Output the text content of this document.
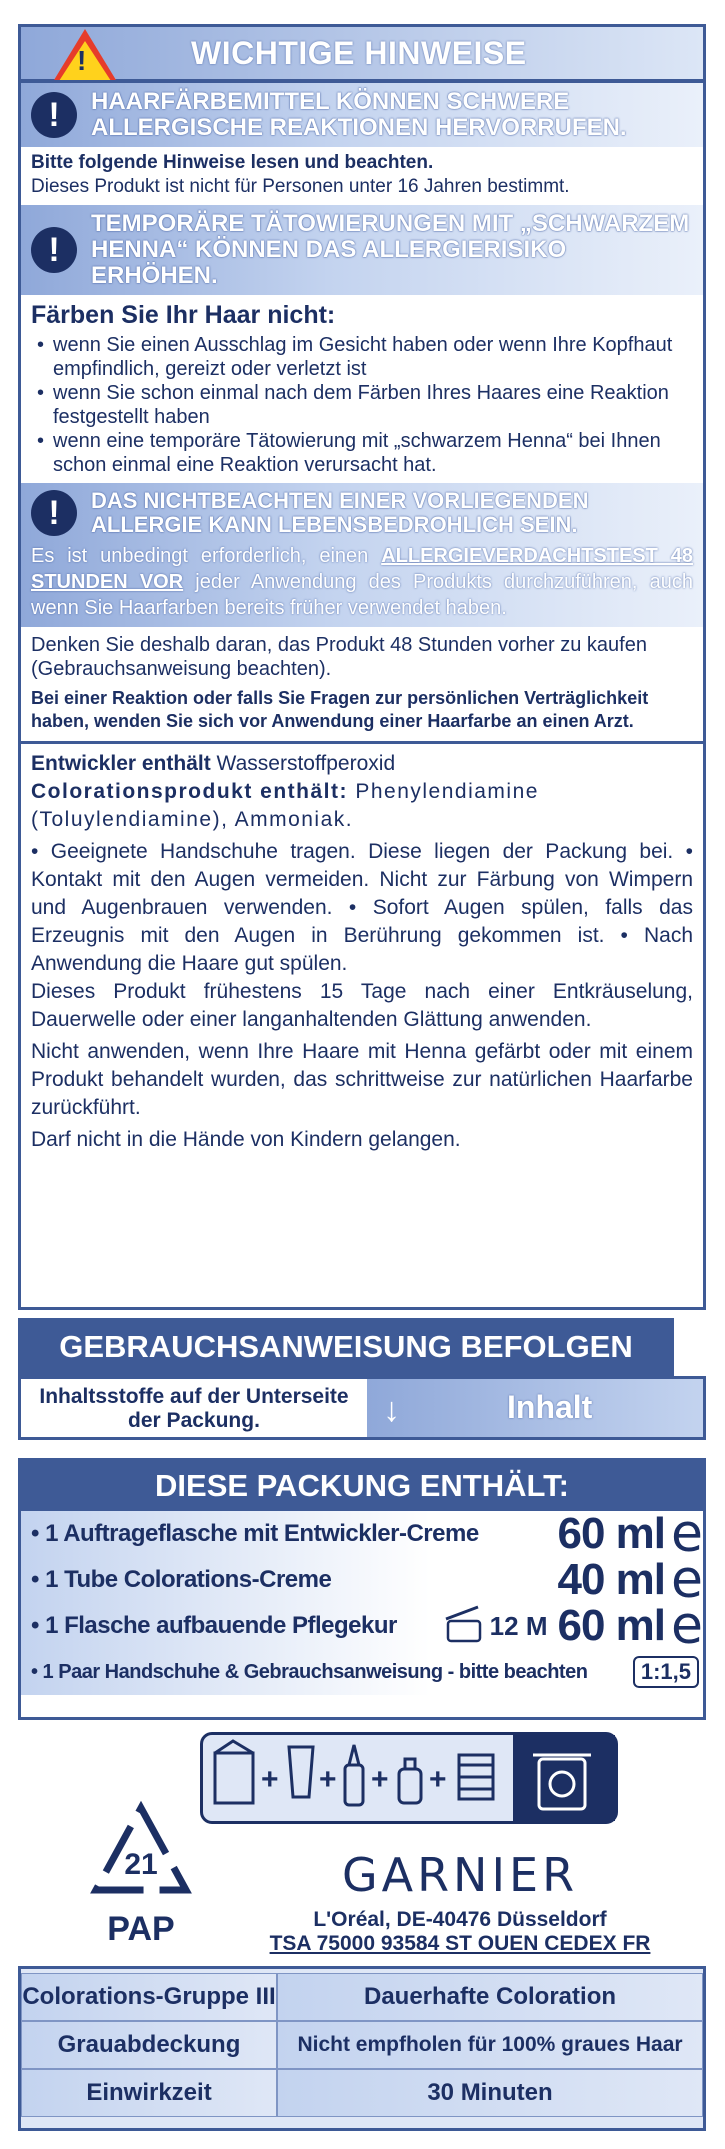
!	WICHTIGE HINWEISE
!	HAARFÄRBEMITTEL KÖNNEN SCHWERE ALLERGISCHE REAKTIONEN HERVORRUFEN.
Bitte folgende Hinweise lesen und beachten.
Dieses Produkt ist nicht für Personen unter 16 Jahren bestimmt.
!
TEMPORÄRE TÄTOWIERUNGEN MIT „SCHWARZEM HENNA“ KÖNNEN DAS ALLERGIERISIKO ERHÖHEN.
Färben Sie Ihr Haar nicht:
• wenn Sie einen Ausschlag im Gesicht haben oder wenn Ihre Kopfhaut empfindlich, gereizt oder verletzt ist
• wenn Sie schon einmal nach dem Färben Ihres Haares eine Reaktion festgestellt haben
• wenn eine temporäre Tätowierung mit „schwarzem Henna“ bei Ihnen schon einmal eine Reaktion verursacht hat.
!	DAS NICHTBEACHTEN EINER VORLIEGENDEN ALLERGIE KANN LEBENSBEDROHLICH SEIN.
Es ist unbedingt erforderlich, einen ALLERGIEVERDACHTSTEST 48 STUNDEN VOR jeder Anwendung des Produkts durchzuführen, auch wenn Sie Haarfarben bereits früher verwendet haben.
Denken Sie deshalb daran, das Produkt 48 Stunden vorher zu kaufen (Gebrauchsanweisung beachten).
Bei einer Reaktion oder falls Sie Fragen zur persönlichen Verträglichkeit haben, wenden Sie sich vor Anwendung einer Haarfarbe an einen Arzt.
Entwickler enthält Wasserstoffperoxid
Colorationsprodukt enthält: Phenylendiamine (Toluylendiamine), Ammoniak.
• Geeignete Handschuhe tragen. Diese liegen der Packung bei. • Kontakt mit den Augen vermeiden. Nicht zur Färbung von Wimpern und Augenbrauen verwenden. • Sofort Augen spülen, falls das Erzeugnis mit den Augen in Berührung gekommen ist. • Nach Anwendung die Haare gut spülen.
Dieses Produkt frühestens 15 Tage nach einer Entkräuselung, Dauerwelle oder einer langanhaltenden Glättung anwenden.
Nicht anwenden, wenn Ihre Haare mit Henna gefärbt oder mit einem Produkt behandelt wurden, das schrittweise zur natürlichen Haarfarbe zurückführt.
Darf nicht in die Hände von Kindern gelangen.
GEBRAUCHSANWEISUNG BEFOLGEN
Inhaltsstoffe auf der Unterseite der Packung.	↓	Inhalt
DIESE PACKUNG ENTHÄLT:
• 1 Auftrageflasche mit Entwickler-Creme	60 ml e
• 1 Tube Colorations-Creme	40 ml e
• 1 Flasche aufbauende Pflegekur	12 M 60 ml e
• 1 Paar Handschuhe & Gebrauchsanweisung - bitte beachten	1:1,5
+ + + +
21
PAP
GARNIER
L'Oréal, DE-40476 Düsseldorf
TSA 75000 93584 ST OUEN CEDEX FR
Colorations-Gruppe III	Dauerhafte Coloration
Grauabdeckung	Nicht empfholen für 100% graues Haar
Einwirkzeit	30 Minuten
